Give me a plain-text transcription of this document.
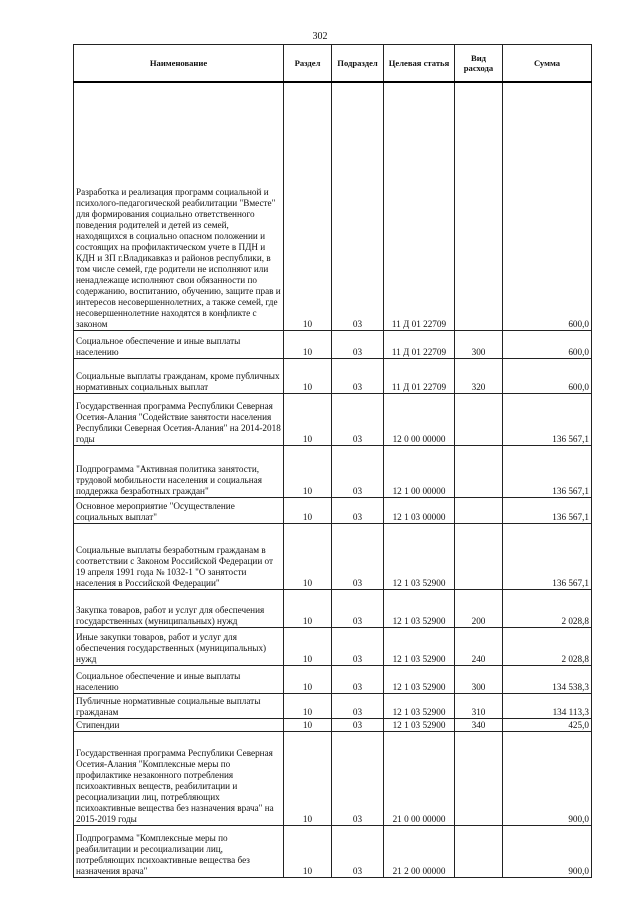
302
Наименование	Раздел	Подраздел	Целевая статья	Вид расхода	Сумма
Разработка и реализация программ социальной и психолого-педагогической реабилитации "Вместе" для формирования социально ответственного поведения родителей и детей из семей, находящихся в социально опасном положении и состоящих на профилактическом учете в ПДН и КДН и ЗП г.Владикавказ и районов республики, в том числе семей, где родители не исполняют или ненадлежаще исполняют свои обязанности по содержанию, воспитанию, обучению, защите прав и интересов несовершеннолетних, а также семей, где несовершеннолетние находятся в конфликте с законом	10	03	11 Д 01 22709		600,0
Социальное обеспечение и иные выплаты населению	10	03	11 Д 01 22709	300	600,0
Социальные выплаты гражданам, кроме публичных нормативных социальных выплат	10	03	11 Д 01 22709	320	600,0
Государственная программа Республики Северная Осетия-Алания "Содействие занятости населения Республики Северная Осетия-Алания" на 2014-2018 годы	10	03	12 0 00 00000		136 567,1
Подпрограмма "Активная политика занятости, трудовой мобильности населения и социальная поддержка безработных граждан"	10	03	12 1 00 00000		136 567,1
Основное мероприятие "Осуществление социальных выплат"	10	03	12 1 03 00000		136 567,1
Социальные выплаты безработным гражданам в соответствии с Законом Российской Федерации от 19 апреля 1991 года № 1032-1 "О занятости населения в Российской Федерации"	10	03	12 1 03 52900		136 567,1
Закупка товаров, работ и услуг для обеспечения государственных (муниципальных) нужд	10	03	12 1 03 52900	200	2 028,8
Иные закупки товаров, работ и услуг для обеспечения государственных (муниципальных) нужд	10	03	12 1 03 52900	240	2 028,8
Социальное обеспечение и иные выплаты населению	10	03	12 1 03 52900	300	134 538,3
Публичные нормативные социальные выплаты гражданам	10	03	12 1 03 52900	310	134 113,3
Стипендии	10	03	12 1 03 52900	340	425,0
Государственная программа Республики Северная Осетия-Алания "Комплексные меры по профилактике незаконного потребления психоактивных веществ, реабилитации и ресоциализации лиц, потребляющих психоактивные вещества без назначения врача" на 2015-2019 годы	10	03	21 0 00 00000		900,0
Подпрограмма "Комплексные меры по реабилитации и ресоциализации лиц, потребляющих психоактивные вещества без назначения врача"	10	03	21 2 00 00000		900,0
